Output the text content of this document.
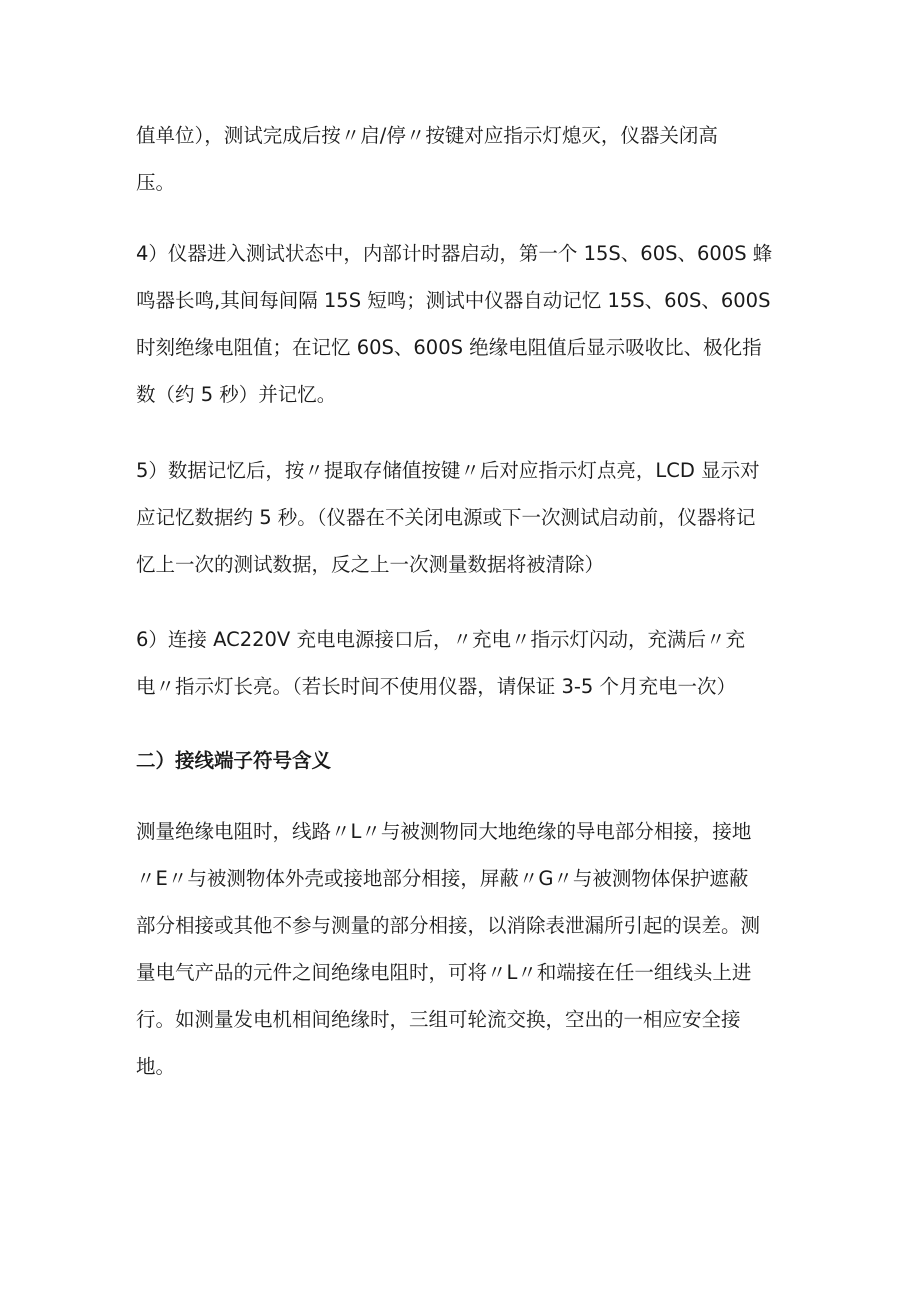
值单位），测试完成后按〃启/停〃按键对应指示灯熄灭，仪器关闭高
压。
4）仪器进入测试状态中，内部计时器启动，第一个 15S、60S、600S 蜂
鸣器长鸣,其间每间隔 15S 短鸣；测试中仪器自动记忆 15S、60S、600S
时刻绝缘电阻值；在记忆 60S、600S 绝缘电阻值后显示吸收比、极化指
数（约 5 秒）并记忆。
5）数据记忆后，按〃提取存储值按键〃后对应指示灯点亮，LCD 显示对
应记忆数据约 5 秒。（仪器在不关闭电源或下一次测试启动前，仪器将记
忆上一次的测试数据，反之上一次测量数据将被清除）
6）连接 AC220V 充电电源接口后，〃充电〃指示灯闪动，充满后〃充
电〃指示灯长亮。（若长时间不使用仪器，请保证 3-5 个月充电一次）
二）接线端子符号含义
测量绝缘电阻时，线路〃L〃与被测物同大地绝缘的导电部分相接，接地
〃E〃与被测物体外壳或接地部分相接，屏蔽〃G〃与被测物体保护遮蔽
部分相接或其他不参与测量的部分相接，以消除表泄漏所引起的误差。测
量电气产品的元件之间绝缘电阻时，可将〃L〃和端接在任一组线头上进
行。如测量发电机相间绝缘时，三组可轮流交换，空出的一相应安全接
地。
